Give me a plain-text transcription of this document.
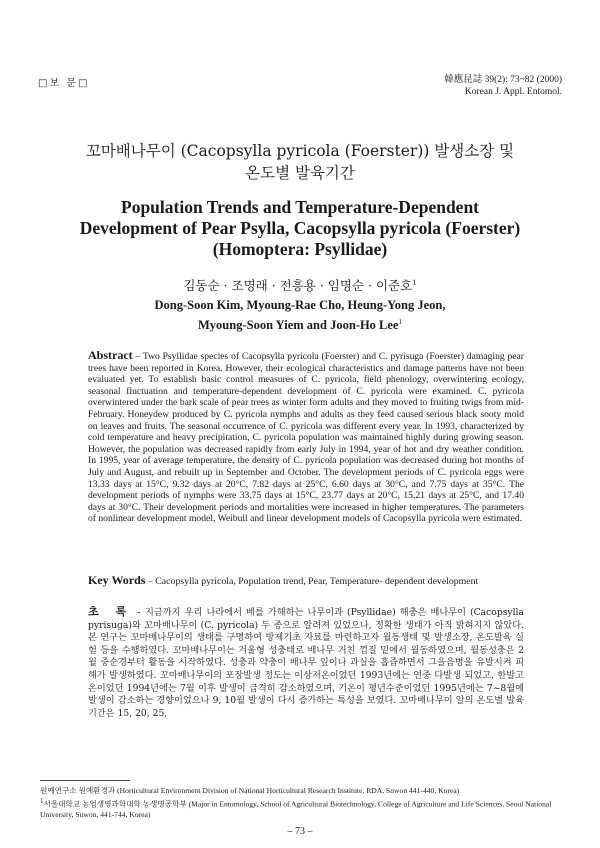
□보 문□	韓應昆誌 39(2): 73~82 (2000)
Korean J. Appl. Entomol.
꼬마배나무이 (Cacopsylla pyricola (Foerster)) 발생소장 및
온도별 발육기간
Population Trends and Temperature-Dependent
Development of Pear Psylla, Cacopsylla pyricola (Foerster)
(Homoptera: Psyllidae)
김동순 · 조명래 · 전흥용 · 임명순 · 이준호$^1$
Dong-Soon Kim, Myoung-Rae Cho, Heung-Yong Jeon,
Myoung-Soon Yiem and Joon-Ho Lee$^1$
Abstract – Two Psyllidae species of Cacopsylla pyricola (Foerster) and C. pyrisuga (Foerster) damaging pear trees have been reported in Korea. However, their ecological characteristics and damage patterns have not been evaluated yet. To establish basic control measures of C. pyricola, field phenology, overwintering ecology, seasonal fluctuation and temperature-dependent development of C. pyricola were examined. C. pyricola overwintered under the bark scale of pear trees as winter form adults and they moved to fruiting twigs from mid-February. Honeydew produced by C. pyricola nymphs and adults as they feed caused serious black sooty mold on leaves and fruits. The seasonal occurrence of C. pyricola was different every year. In 1993, characterized by cold temperature and heavy precipitation, C. pyricola population was maintained highly during growing season. However, the population was decreased rapidly from early July in 1994, year of hot and dry weather condition. In 1995, year of average temperature, the density of C. pyricola population was decreased during hot months of July and August, and rebuilt up in September and October. The development periods of C. pyricola eggs were 13.33 days at 15°C, 9.32 days at 20°C, 7.82 days at 25°C, 6.60 days at 30°C, and 7.75 days at 35°C. The development periods of nymphs were 33.75 days at 15°C, 23.77 days at 20°C, 15.21 days at 25°C, and 17.40 days at 30°C. Their development periods and mortalities were increased in higher temperatures. The parameters of nonlinear development model, Weibull and linear development models of Cacopsylla pyricola were estimated.
Key Words – Cacopsylla pyricola, Population trend, Pear, Temperature- dependent development
초 록 – 지금까지 우리 나라에서 배를 가해하는 나무이과 (Psyllidae) 해충은 배나무이 (Cacopsylla pyrisuga)와 꼬마배나무이 (C. pyricola) 두 종으로 알려져 있었으나, 정확한 생태가 아직 밝혀지지 않았다. 본 연구는 꼬마배나무이의 생태를 구명하여 방제기초 자료를 마련하고자 월동생태 및 발생소장, 온도발육 실험 등을 수행하였다. 꼬마배나무이는 겨울형 성충태로 배나무 거친 껍질 밑에서 월동하였으며, 월동성충은 2월 중순경부터 활동을 시작하였다. 성충과 약충이 배나무 잎이나 과실을 흡즙하면서 그을음병을 유발시켜 피해가 발생하였다. 꼬마배나무이의 포장발생 정도는 이상저온이었던 1993년에는 연중 다발생 되었고, 한발고온이었던 1994년에는 7월 이후 발생이 급격히 감소하였으며, 기온이 평년수준이었던 1995년에는 7~8월에 발생이 감소하는 경향이었으나 9, 10월 발생이 다시 증가하는 특성을 보였다. 꼬마배나무이 알의 온도별 발육기간은 15, 20, 25,

원예연구소 원예환경과 (Horticultural Environment Division of National Horticultural Research Institute, RDA, Suwon 441-440, Korea)

$^1$서울대학교 농업생명과학대학 농생명공학부 (Major in Entomology, School of Agricultural Biotechnology, College of Agriculture and Life Sciences, Seoul National University, Suwon, 441-744, Korea)

– 73 –
